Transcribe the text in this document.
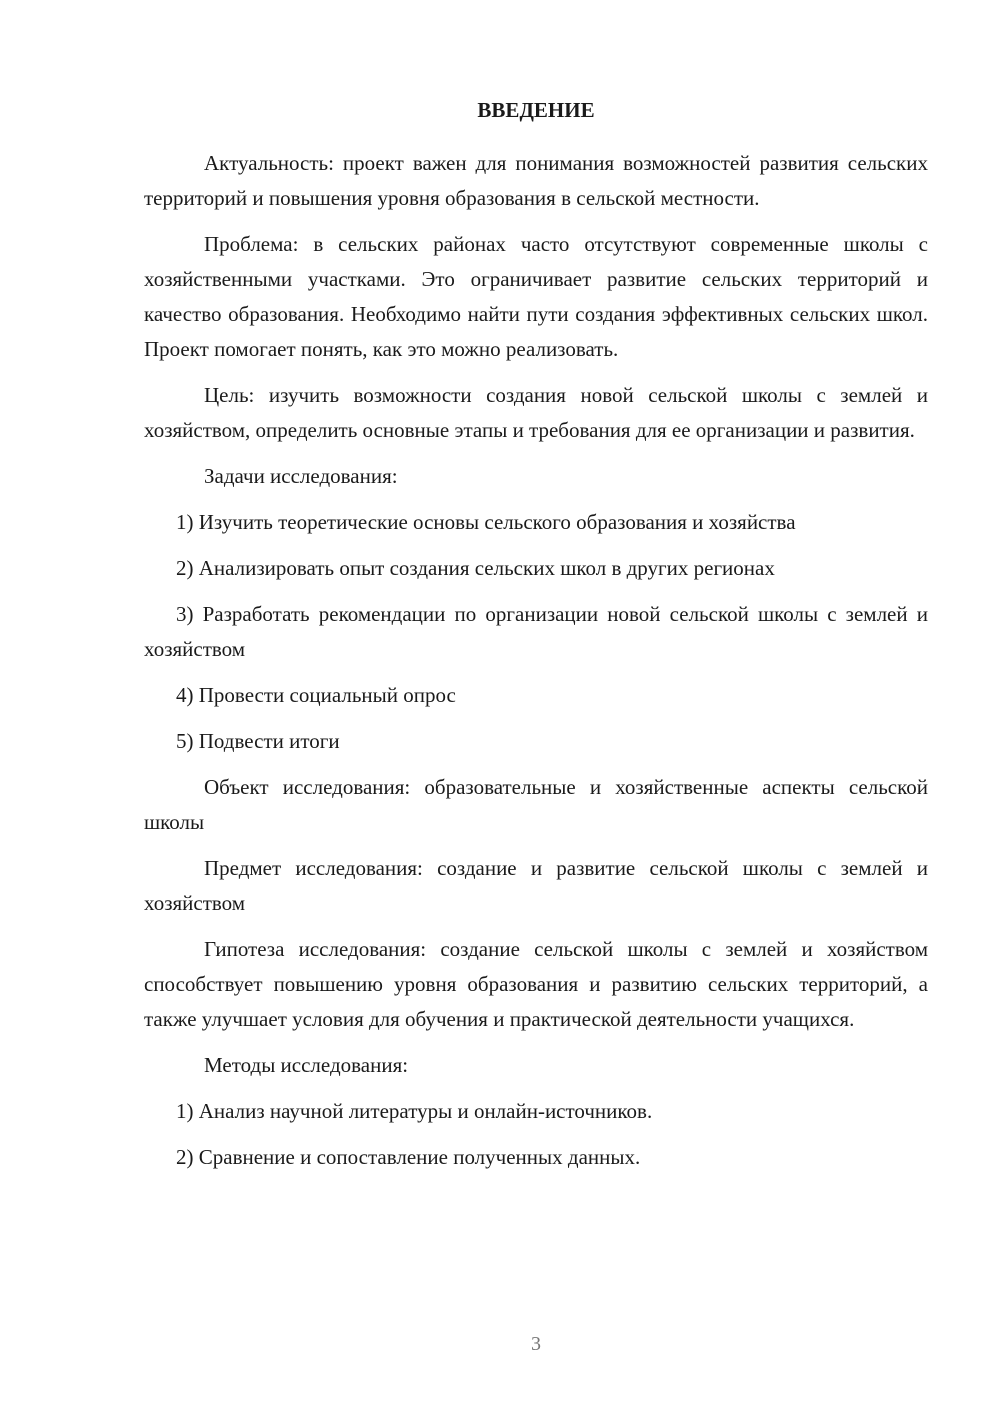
ВВЕДЕНИЕ
Актуальность: проект важен для понимания возможностей развития сельских территорий и повышения уровня образования в сельской местности.
Проблема: в сельских районах часто отсутствуют современные школы с хозяйственными участками. Это ограничивает развитие сельских территорий и качество образования. Необходимо найти пути создания эффективных сельских школ. Проект помогает понять, как это можно реализовать.
Цель: изучить возможности создания новой сельской школы с землей и хозяйством, определить основные этапы и требования для ее организации и развития.
Задачи исследования:
1) Изучить теоретические основы сельского образования и хозяйства
2) Анализировать опыт создания сельских школ в других регионах
3) Разработать рекомендации по организации новой сельской школы с землей и хозяйством
4) Провести социальный опрос
5) Подвести итоги
Объект исследования: образовательные и хозяйственные аспекты сельской школы
Предмет исследования: создание и развитие сельской школы с землей и хозяйством
Гипотеза исследования: создание сельской школы с землей и хозяйством способствует повышению уровня образования и развитию сельских территорий, а также улучшает условия для обучения и практической деятельности учащихся.
Методы исследования:
1) Анализ научной литературы и онлайн-источников.
2) Сравнение и сопоставление полученных данных.
3
